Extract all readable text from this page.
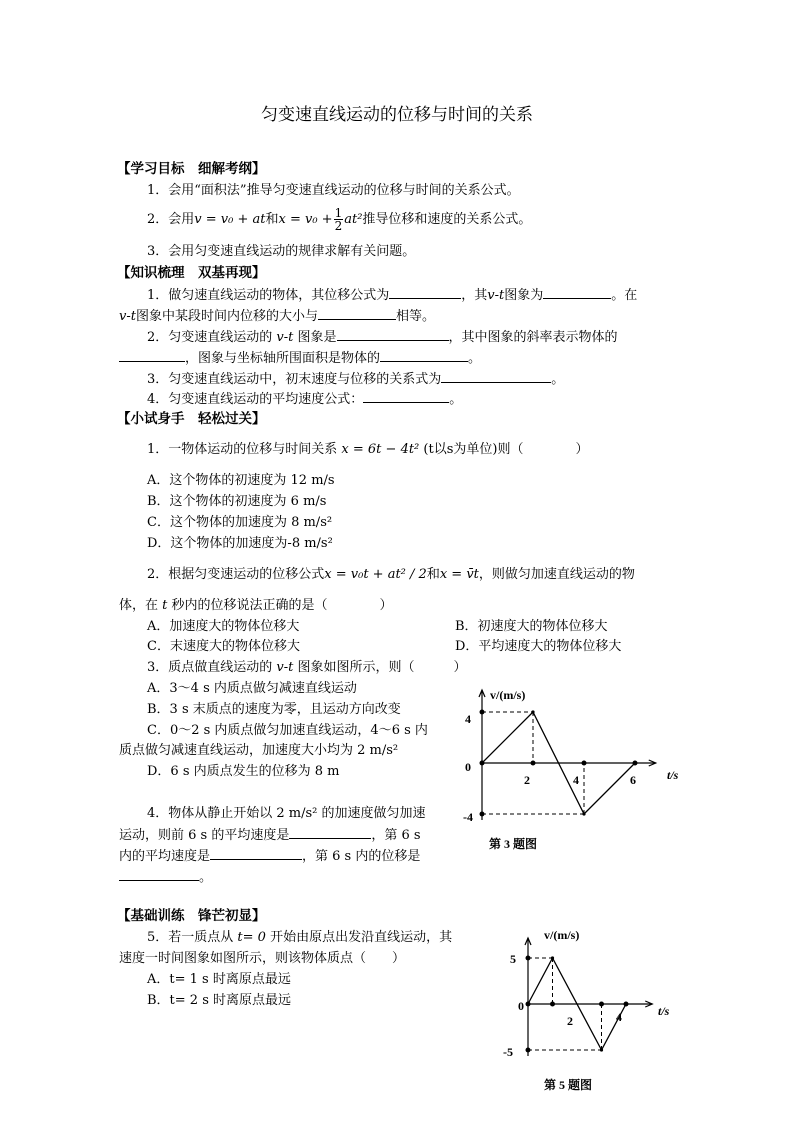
匀变速直线运动的位移与时间的关系
【学习目标　细解考纲】
1．会用“面积法”推导匀变速直线运动的位移与时间的关系公式。
2．会用v = v₀ + at和$x = v_0 + \frac{1}{2} at^2$推导位移和速度的关系公式。
3．会用匀变速直线运动的规律求解有关问题。
【知识梳理　双基再现】
1．做匀速直线运动的物体，其位移公式为	，其v-t图象为	。在
v-t图象中某段时间内位移的大小与	相等。
2．匀变速直线运动的 v-t 图象是	，其中图象的斜率表示物体的
，图象与坐标轴所围面积是物体的	。
3．匀变速直线运动中，初末速度与位移的关系式为	。
4．匀变速直线运动的平均速度公式：	。
【小试身手　轻松过关】
1．一物体运动的位移与时间关系 x = 6t − 4t² (t以s为单位)则（　　　　）
A．这个物体的初速度为 12 m/s
B．这个物体的初速度为 6 m/s
C．这个物体的加速度为 8 m/s²
D．这个物体的加速度为-8 m/s²
2．根据匀变速运动的位移公式x = v₀t + at² / 2和x = v̄t，则做匀加速直线运动的物
体，在 t 秒内的位移说法正确的是（　　　　）
A．加速度大的物体位移大	B．初速度大的物体位移大
C．末速度大的物体位移大	D．平均速度大的物体位移大
3．质点做直线运动的 v-t 图象如图所示，则（　　　）
A．3～4 s 内质点做匀减速直线运动
B．3 s 末质点的速度为零，且运动方向改变
C．0～2 s 内质点做匀加速直线运动，4～6 s 内
质点做匀减速直线运动，加速度大小均为 2 m/s²
D．6 s 内质点发生的位移为 8 m
4．物体从静止开始以 2 m/s² 的加速度做匀加速
运动，则前 6 s 的平均速度是	，第 6 s
内的平均速度是	，第 6 s 内的位移是
。
【基础训练　锋芒初显】
5．若一质点从 t= 0 开始由原点出发沿直线运动，其
速度一时间图象如图所示，则该物体质点（　　）
A．t= 1 s 时离原点最远
B．t= 2 s 时离原点最远
v/(m/s)
t/s
4
0
-4
2	4	6
第 3 题图
v/(m/s)
t/s
5
0
-5
2	4
第 5 题图
